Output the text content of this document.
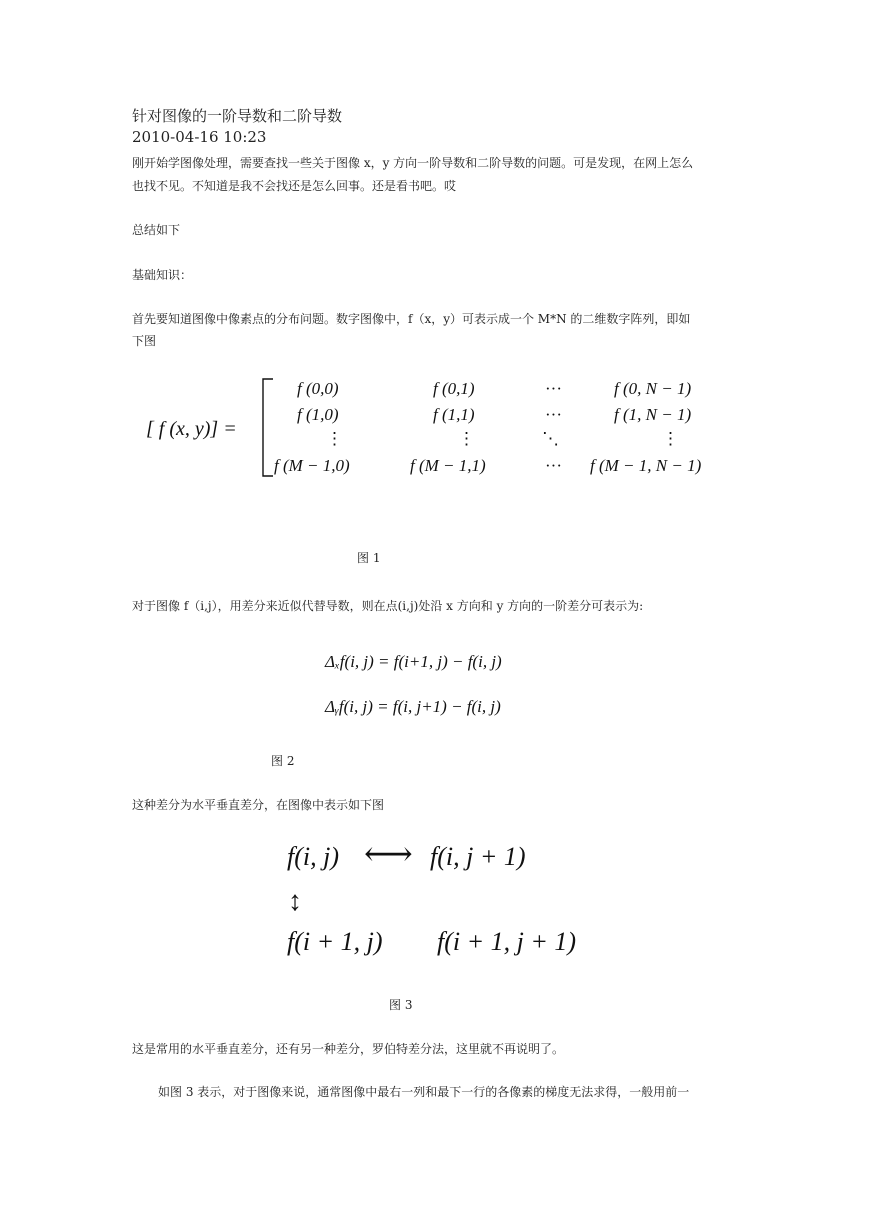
针对图像的一阶导数和二阶导数
2010-04-16 10:23
刚开始学图像处理，需要查找一些关于图像 x，y 方向一阶导数和二阶导数的问题。可是发现，在网上怎么
也找不见。不知道是我不会找还是怎么回事。还是看书吧。哎
总结如下
基础知识：
首先要知道图像中像素点的分布问题。数字图像中，f（x，y）可表示成一个 M*N 的二维数字阵列，即如
下图
[ f (x, y)] =
f (0,0)	f (0,1)	···	f (0, N − 1)
f (1,0)	f (1,1)	···	f (1, N − 1)
⋮	⋮	⋱	⋮
f (M − 1,0)	f (M − 1,1)	··· f (M − 1, N − 1)
图 1
对于图像 f（i,j），用差分来近似代替导数，则在点(i,j)处沿 x 方向和 y 方向的一阶差分可表示为:
Δₓf(i, j) = f(i+1, j) − f(i, j)
Δᵧf(i, j) = f(i, j+1) − f(i, j)
图 2
这种差分为水平垂直差分，在图像中表示如下图
f(i, j) ⟷ f(i, j + 1)
↕
f(i + 1, j) f(i + 1, j + 1)
图 3
这是常用的水平垂直差分，还有另一种差分，罗伯特差分法，这里就不再说明了。
如图 3 表示，对于图像来说，通常图像中最右一列和最下一行的各像素的梯度无法求得，一般用前一
